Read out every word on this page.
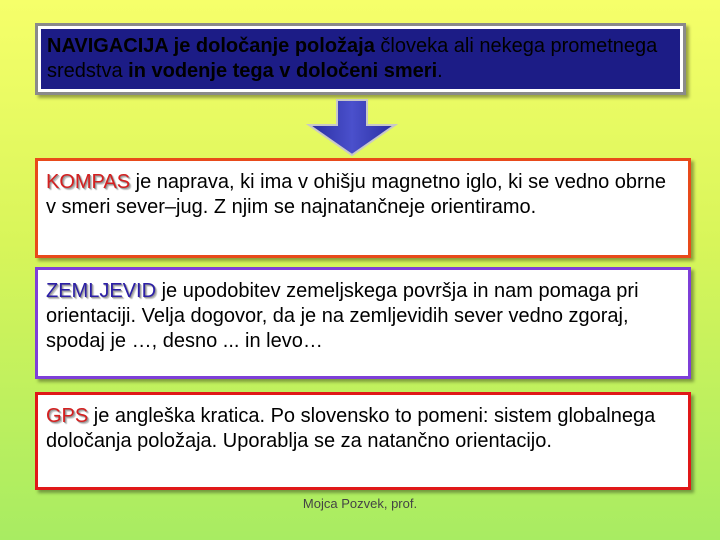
NAVIGACIJA je določanje položaja človeka ali nekega prometnega sredstva in vodenje tega v določeni smeri.
KOMPAS je naprava, ki ima v ohišju magnetno iglo, ki se vedno obrne v smeri sever–jug. Z njim se najnatančneje orientiramo.
ZEMLJEVID je upodobitev zemeljskega površja in nam pomaga pri orientaciji. Velja dogovor, da je na zemljevidih sever vedno zgoraj, spodaj je …, desno ... in levo…
GPS je angleška kratica. Po slovensko to pomeni: sistem globalnega določanja položaja. Uporablja se za natančno orientacijo.
Mojca Pozvek, prof.
